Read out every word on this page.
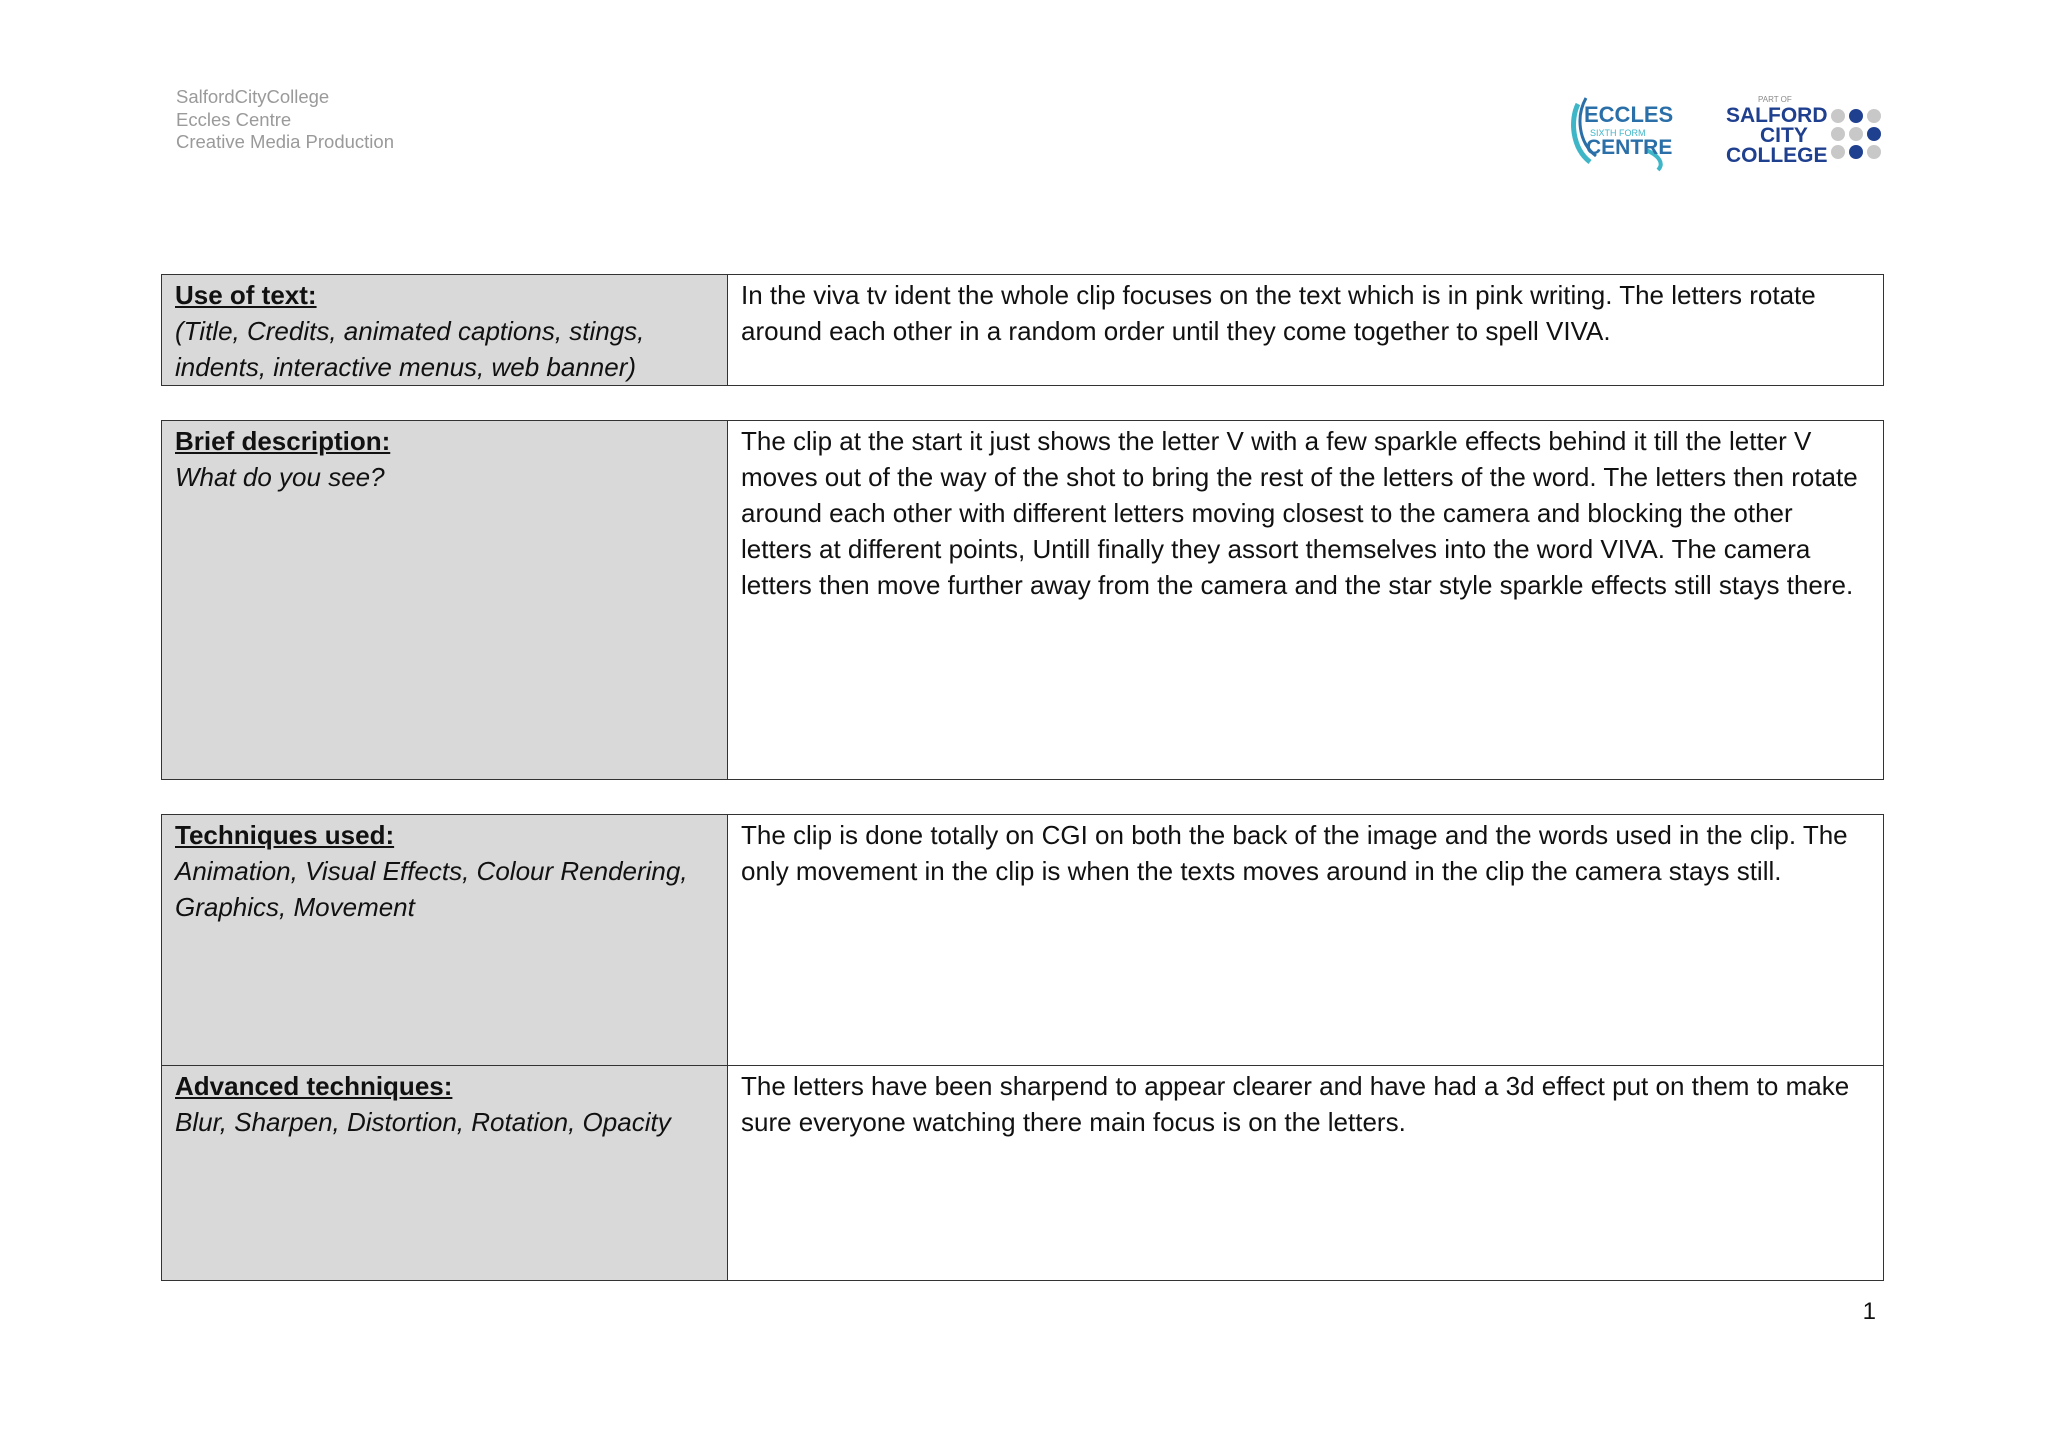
SalfordCityCollege
Eccles Centre
Creative Media Production
ECCLES
SIXTH FORM
CENTRE
PART OF
SALFORD
CITY
COLLEGE
Use of text:
(Title, Credits, animated captions, stings, indents, interactive menus, web banner)
	In the viva tv ident the whole clip focuses on the text which is in pink writing. The letters rotate around each other in a random order until they come together to spell VIVA.
Brief description:
What do you see?
	The clip at the start it just shows the letter V with a few sparkle effects behind it till the letter V moves out of the way of the shot to bring the rest of the letters of the word. The letters then rotate around each other with different letters moving closest to the camera and blocking the other letters at different points, Untill finally they assort themselves into the word VIVA. The camera letters then move further away from the camera and the star style sparkle effects still stays there.
Techniques used:
Animation, Visual Effects, Colour Rendering, Graphics, Movement	The clip is done totally on CGI on both the back of the image and the words used in the clip. The only movement in the clip is when the texts moves around in the clip the camera stays still.

Advanced techniques:
Blur, Sharpen, Distortion, Rotation, Opacity	The letters have been sharpend to appear clearer and have had a 3d effect put on them to make sure everyone watching there main focus is on the letters.
1
